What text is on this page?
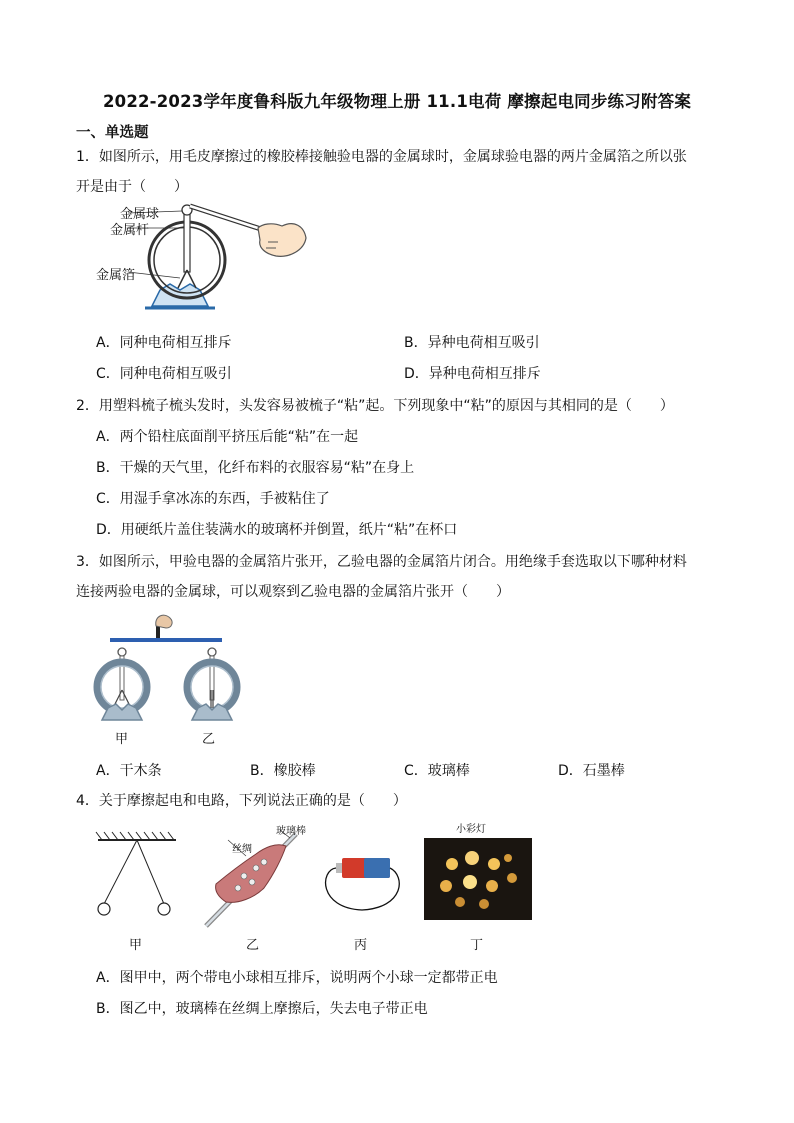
2022-2023学年度鲁科版九年级物理上册 11.1电荷 摩擦起电同步练习附答案
一、单选题
1．如图所示，用毛皮摩擦过的橡胶棒接触验电器的金属球时，金属球验电器的两片金属箔之所以张
开是由于（　　）
金属球
金属杆
金属箔
A．同种电荷相互排斥	B．异种电荷相互吸引
C．同种电荷相互吸引	D．异种电荷相互排斥
2．用塑料梳子梳头发时，头发容易被梳子“粘”起。下列现象中“粘”的原因与其相同的是（　　）
A．两个铅柱底面削平挤压后能“粘”在一起
B．干燥的天气里，化纤布料的衣服容易“粘”在身上
C．用湿手拿冰冻的东西，手被粘住了
D．用硬纸片盖住装满水的玻璃杯并倒置，纸片“粘”在杯口
3．如图所示，甲验电器的金属箔片张开，乙验电器的金属箔片闭合。用绝缘手套选取以下哪种材料
连接两验电器的金属球，可以观察到乙验电器的金属箔片张开（　　）
甲	乙
A．干木条	B．橡胶棒	C．玻璃棒	D．石墨棒
4．关于摩擦起电和电路，下列说法正确的是（　　）
甲
丝绸
玻璃棒
乙	丙
小彩灯
丁
A．图甲中，两个带电小球相互排斥，说明两个小球一定都带正电
B．图乙中，玻璃棒在丝绸上摩擦后，失去电子带正电
